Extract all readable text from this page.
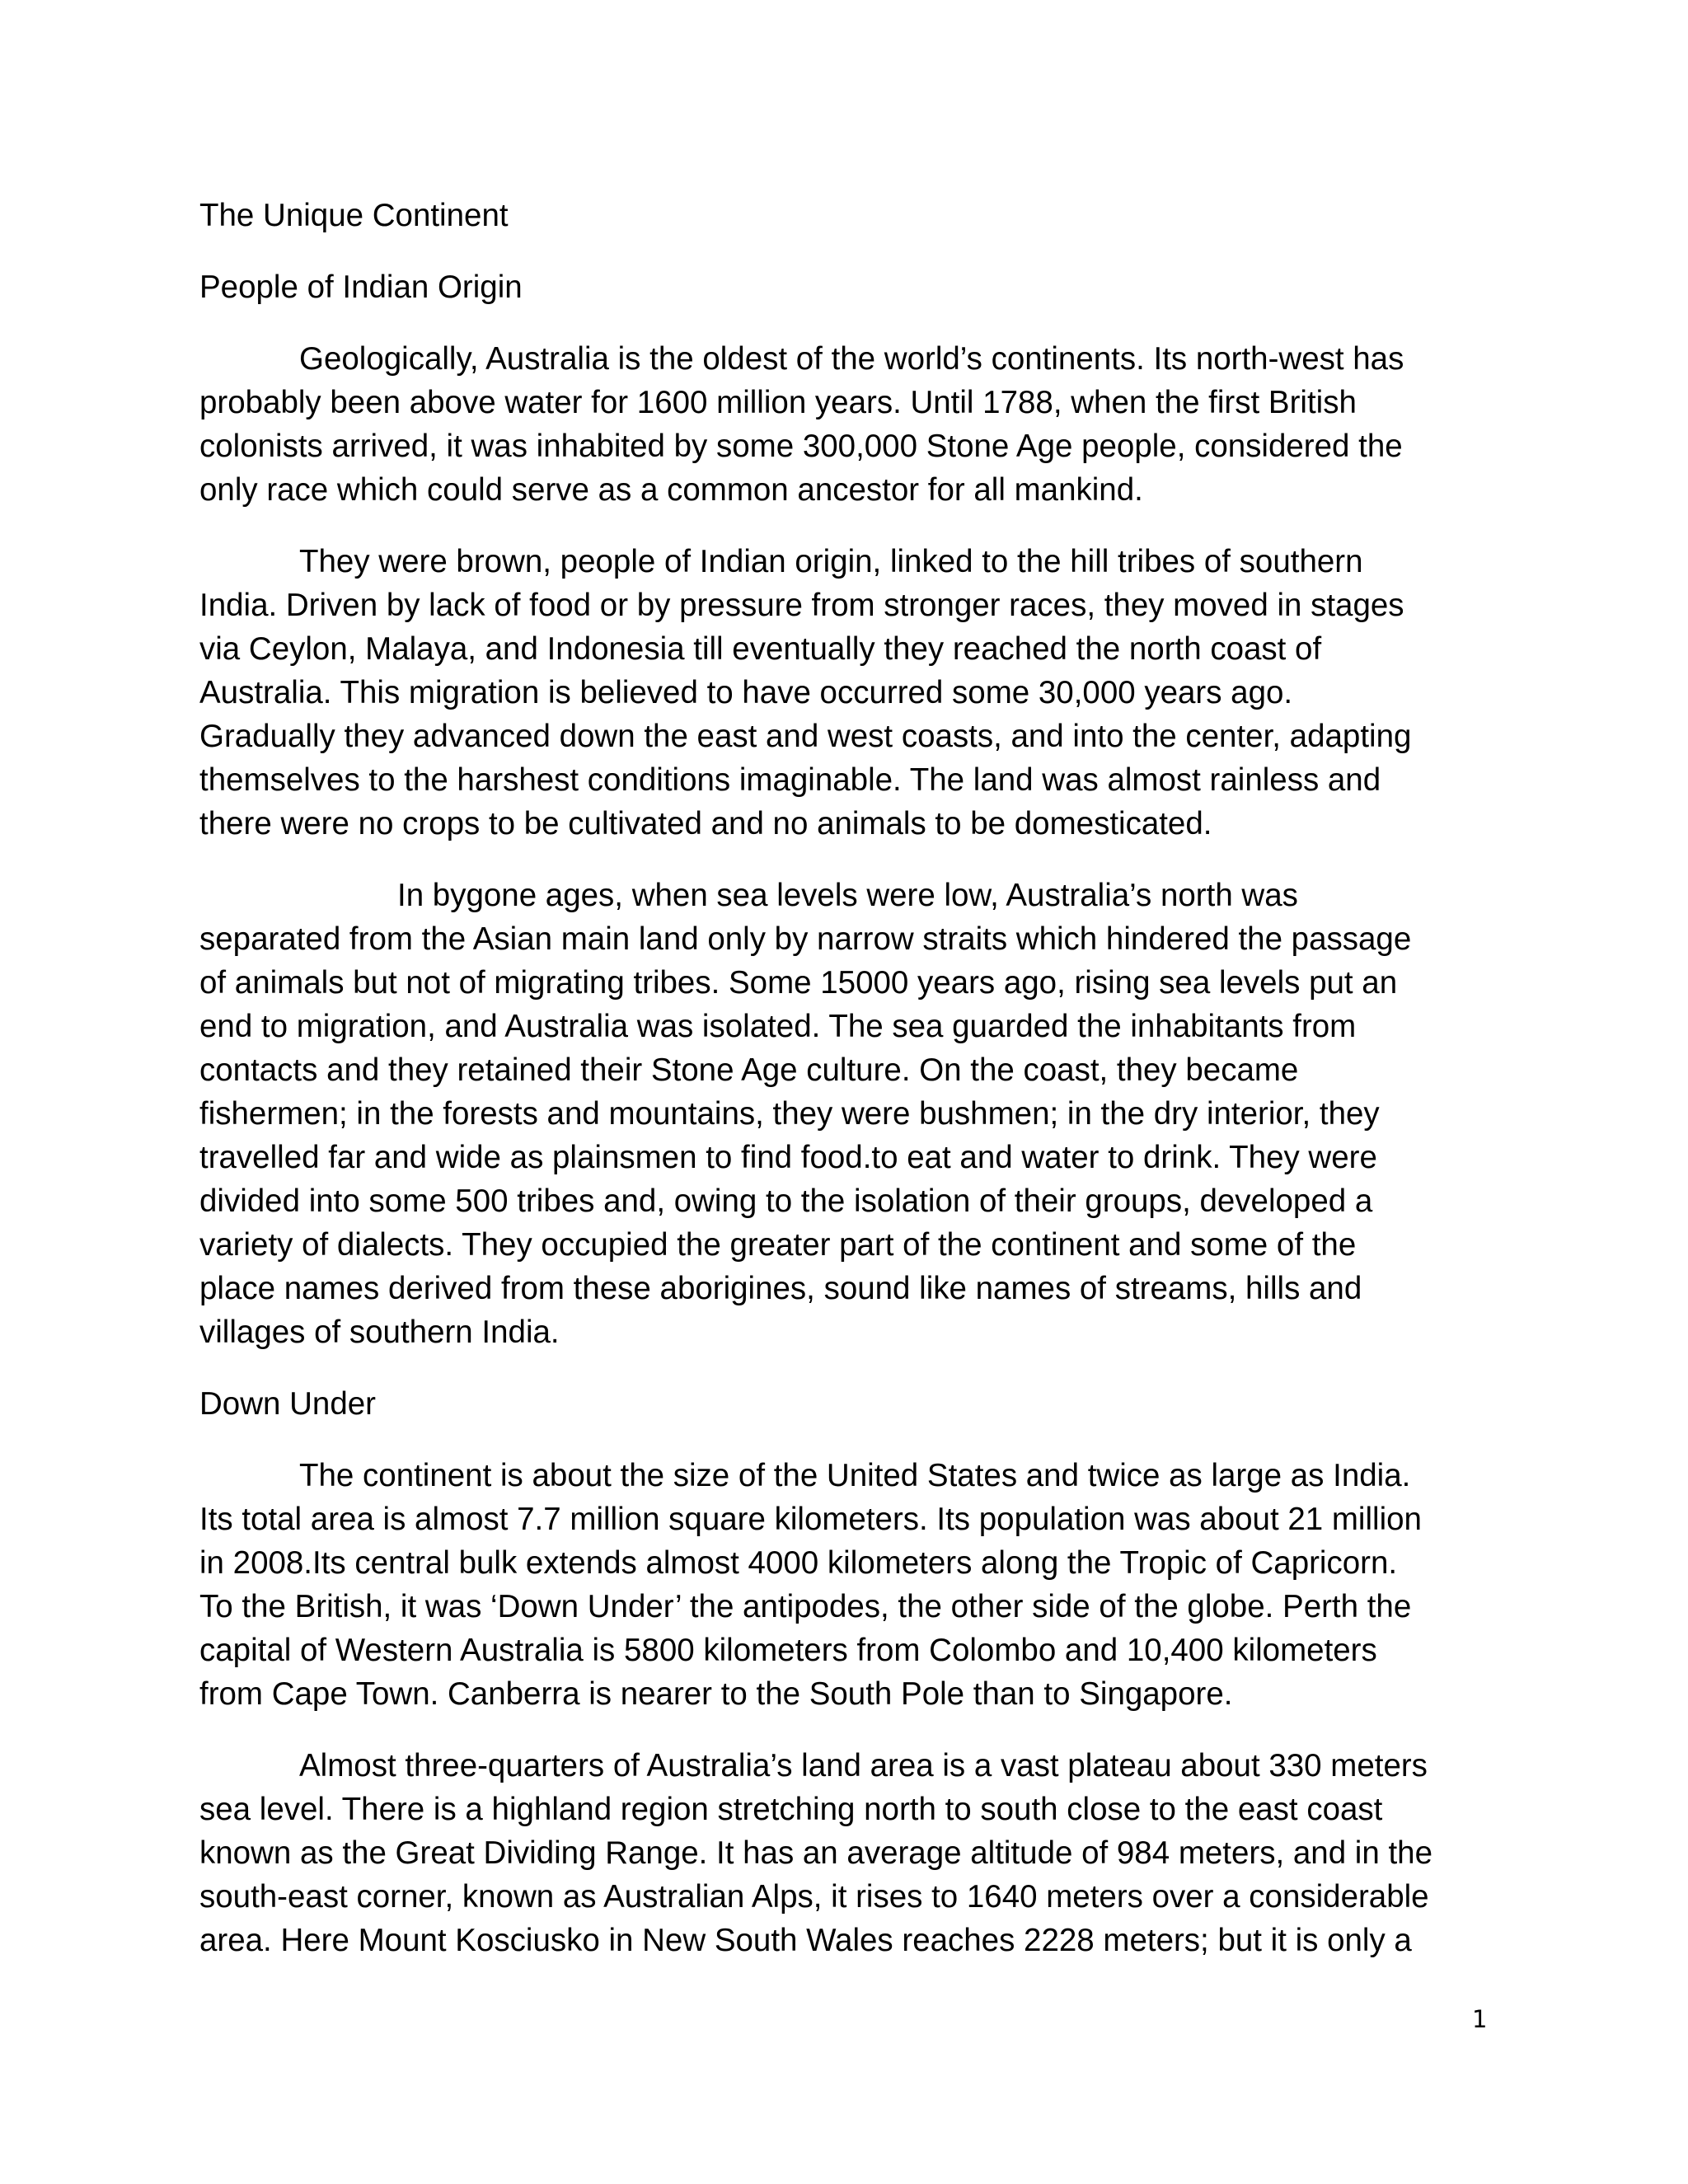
The Unique Continent

People of Indian Origin

Geologically, Australia is the oldest of the world’s continents. Its north-west has
probably been above water for 1600 million years. Until 1788, when the first British
colonists arrived, it was inhabited by some 300,000 Stone Age people, considered the
only race which could serve as a common ancestor for all mankind.

They were brown, people of Indian origin, linked to the hill tribes of southern
India. Driven by lack of food or by pressure from stronger races, they moved in stages
via Ceylon, Malaya, and Indonesia till eventually they reached the north coast of
Australia. This migration is believed to have occurred some 30,000 years ago.
Gradually they advanced down the east and west coasts, and into the center, adapting
themselves to the harshest conditions imaginable. The land was almost rainless and
there were no crops to be cultivated and no animals to be domesticated.

In bygone ages, when sea levels were low, Australia’s north was
separated from the Asian main land only by narrow straits which hindered the passage
of animals but not of migrating tribes. Some 15000 years ago, rising sea levels put an
end to migration, and Australia was isolated. The sea guarded the inhabitants from
contacts and they retained their Stone Age culture. On the coast, they became
fishermen; in the forests and mountains, they were bushmen; in the dry interior, they
travelled far and wide as plainsmen to find food.to eat and water to drink. They were
divided into some 500 tribes and, owing to the isolation of their groups, developed a
variety of dialects. They occupied the greater part of the continent and some of the
place names derived from these aborigines, sound like names of streams, hills and
villages of southern India.

Down Under

The continent is about the size of the United States and twice as large as India.
Its total area is almost 7.7 million square kilometers. Its population was about 21 million
in 2008.Its central bulk extends almost 4000 kilometers along the Tropic of Capricorn.
To the British, it was ‘Down Under’ the antipodes, the other side of the globe. Perth the
capital of Western Australia is 5800 kilometers from Colombo and 10,400 kilometers
from Cape Town. Canberra is nearer to the South Pole than to Singapore.

Almost three-quarters of Australia’s land area is a vast plateau about 330 meters
sea level. There is a highland region stretching north to south close to the east coast
known as the Great Dividing Range. It has an average altitude of 984 meters, and in the
south-east corner, known as Australian Alps, it rises to 1640 meters over a considerable
area. Here Mount Kosciusko in New South Wales reaches 2228 meters; but it is only a

1
